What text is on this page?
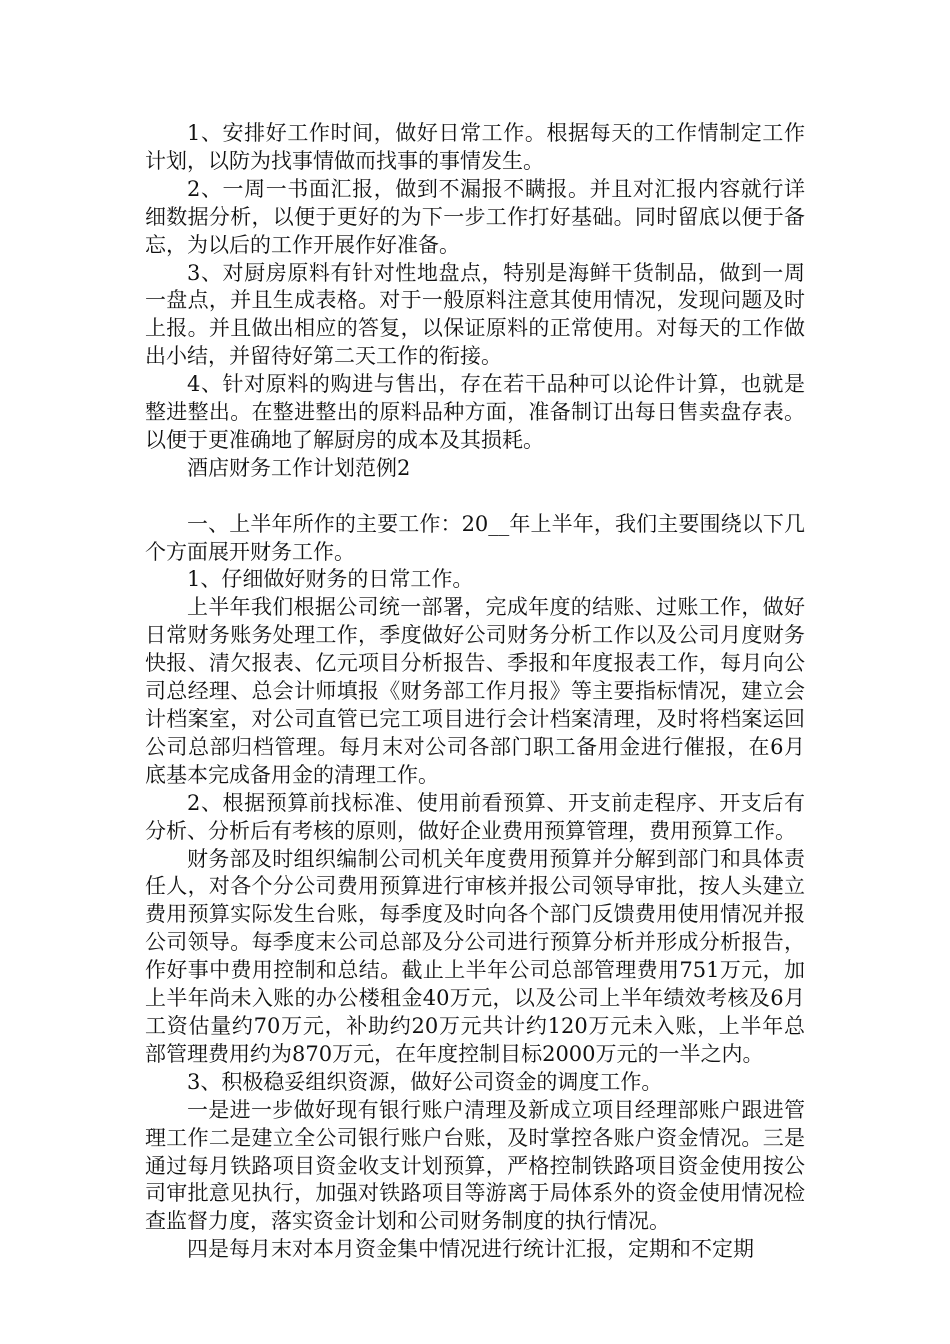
1、安排好工作时间，做好日常工作。根据每天的工作情制定工作计划，以防为找事情做而找事的事情发生。

2、一周一书面汇报，做到不漏报不瞒报。并且对汇报内容就行详细数据分析，以便于更好的为下一步工作打好基础。同时留底以便于备忘，为以后的工作开展作好准备。

3、对厨房原料有针对性地盘点，特别是海鲜干货制品，做到一周一盘点，并且生成表格。对于一般原料注意其使用情况，发现问题及时上报。并且做出相应的答复，以保证原料的正常使用。对每天的工作做出小结，并留待好第二天工作的衔接。

4、针对原料的购进与售出，存在若干品种可以论件计算，也就是整进整出。在整进整出的原料品种方面，准备制订出每日售卖盘存表。以便于更准确地了解厨房的成本及其损耗。

酒店财务工作计划范例2

一、上半年所作的主要工作：20__年上半年，我们主要围绕以下几个方面展开财务工作。

1、仔细做好财务的日常工作。

上半年我们根据公司统一部署，完成年度的结账、过账工作，做好日常财务账务处理工作，季度做好公司财务分析工作以及公司月度财务快报、清欠报表、亿元项目分析报告、季报和年度报表工作，每月向公司总经理、总会计师填报《财务部工作月报》等主要指标情况，建立会计档案室，对公司直管已完工项目进行会计档案清理，及时将档案运回公司总部归档管理。每月末对公司各部门职工备用金进行催报，在6月底基本完成备用金的清理工作。

2、根据预算前找标准、使用前看预算、开支前走程序、开支后有分析、分析后有考核的原则，做好企业费用预算管理，费用预算工作。

财务部及时组织编制公司机关年度费用预算并分解到部门和具体责任人，对各个分公司费用预算进行审核并报公司领导审批，按人头建立费用预算实际发生台账，每季度及时向各个部门反馈费用使用情况并报公司领导。每季度末公司总部及分公司进行预算分析并形成分析报告，作好事中费用控制和总结。截止上半年公司总部管理费用751万元，加上半年尚未入账的办公楼租金40万元，以及公司上半年绩效考核及6月工资估量约70万元，补助约20万元共计约120万元未入账，上半年总部管理费用约为870万元，在年度控制目标2000万元的一半之内。

3、积极稳妥组织资源，做好公司资金的调度工作。

一是进一步做好现有银行账户清理及新成立项目经理部账户跟进管理工作二是建立全公司银行账户台账，及时掌控各账户资金情况。三是通过每月铁路项目资金收支计划预算，严格控制铁路项目资金使用按公司审批意见执行，加强对铁路项目等游离于局体系外的资金使用情况检查监督力度，落实资金计划和公司财务制度的执行情况。

四是每月末对本月资金集中情况进行统计汇报，定期和不定期
